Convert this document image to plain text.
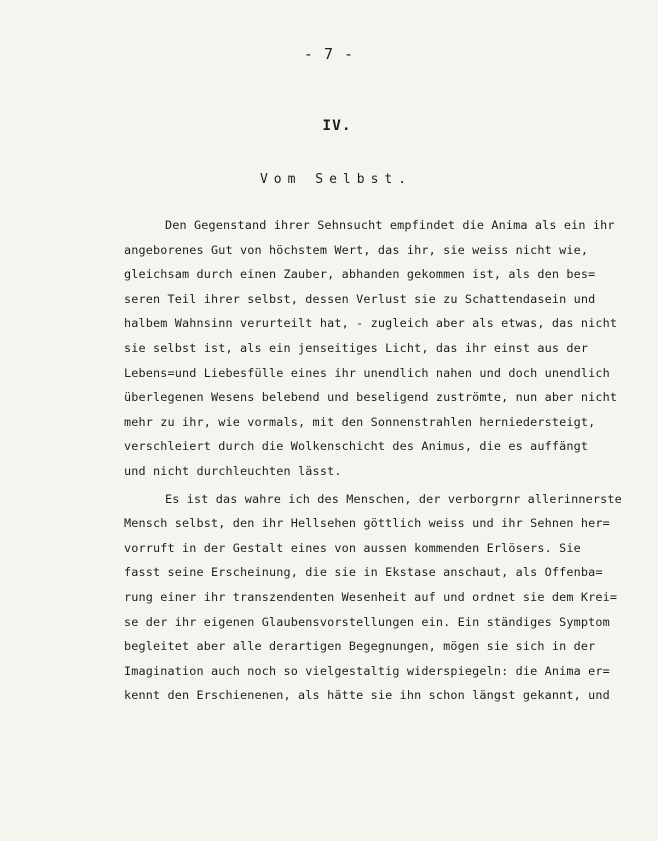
- 7 -
IV.
Vom Selbst.
Den Gegenstand ihrer Sehnsucht empfindet die Anima als ein ihr
angeborenes Gut von höchstem Wert, das ihr, sie weiss nicht wie,
gleichsam durch einen Zauber, abhanden gekommen ist, als den bes=
seren Teil ihrer selbst, dessen Verlust sie zu Schattendasein und
halbem Wahnsinn verurteilt hat, - zugleich aber als etwas, das nicht
sie selbst ist, als ein jenseitiges Licht, das ihr einst aus der
Lebens=und Liebesfülle eines ihr unendlich nahen und doch unendlich
überlegenen Wesens belebend und beseligend zuströmte, nun aber nicht
mehr zu ihr, wie vormals, mit den Sonnenstrahlen herniedersteigt,
verschleiert durch die Wolkenschicht des Animus, die es auffängt
und nicht durchleuchten lässt.
Es ist das wahre ich des Menschen, der verborgrnr allerinnerste
Mensch selbst, den ihr Hellsehen göttlich weiss und ihr Sehnen her=
vorruft in der Gestalt eines von aussen kommenden Erlösers. Sie
fasst seine Erscheinung, die sie in Ekstase anschaut, als Offenba=
rung einer ihr transzendenten Wesenheit auf und ordnet sie dem Krei=
se der ihr eigenen Glaubensvorstellungen ein. Ein ständiges Symptom
begleitet aber alle derartigen Begegnungen, mögen sie sich in der
Imagination auch noch so vielgestaltig widerspiegeln: die Anima er=
kennt den Erschienenen, als hätte sie ihn schon längst gekannt, und
